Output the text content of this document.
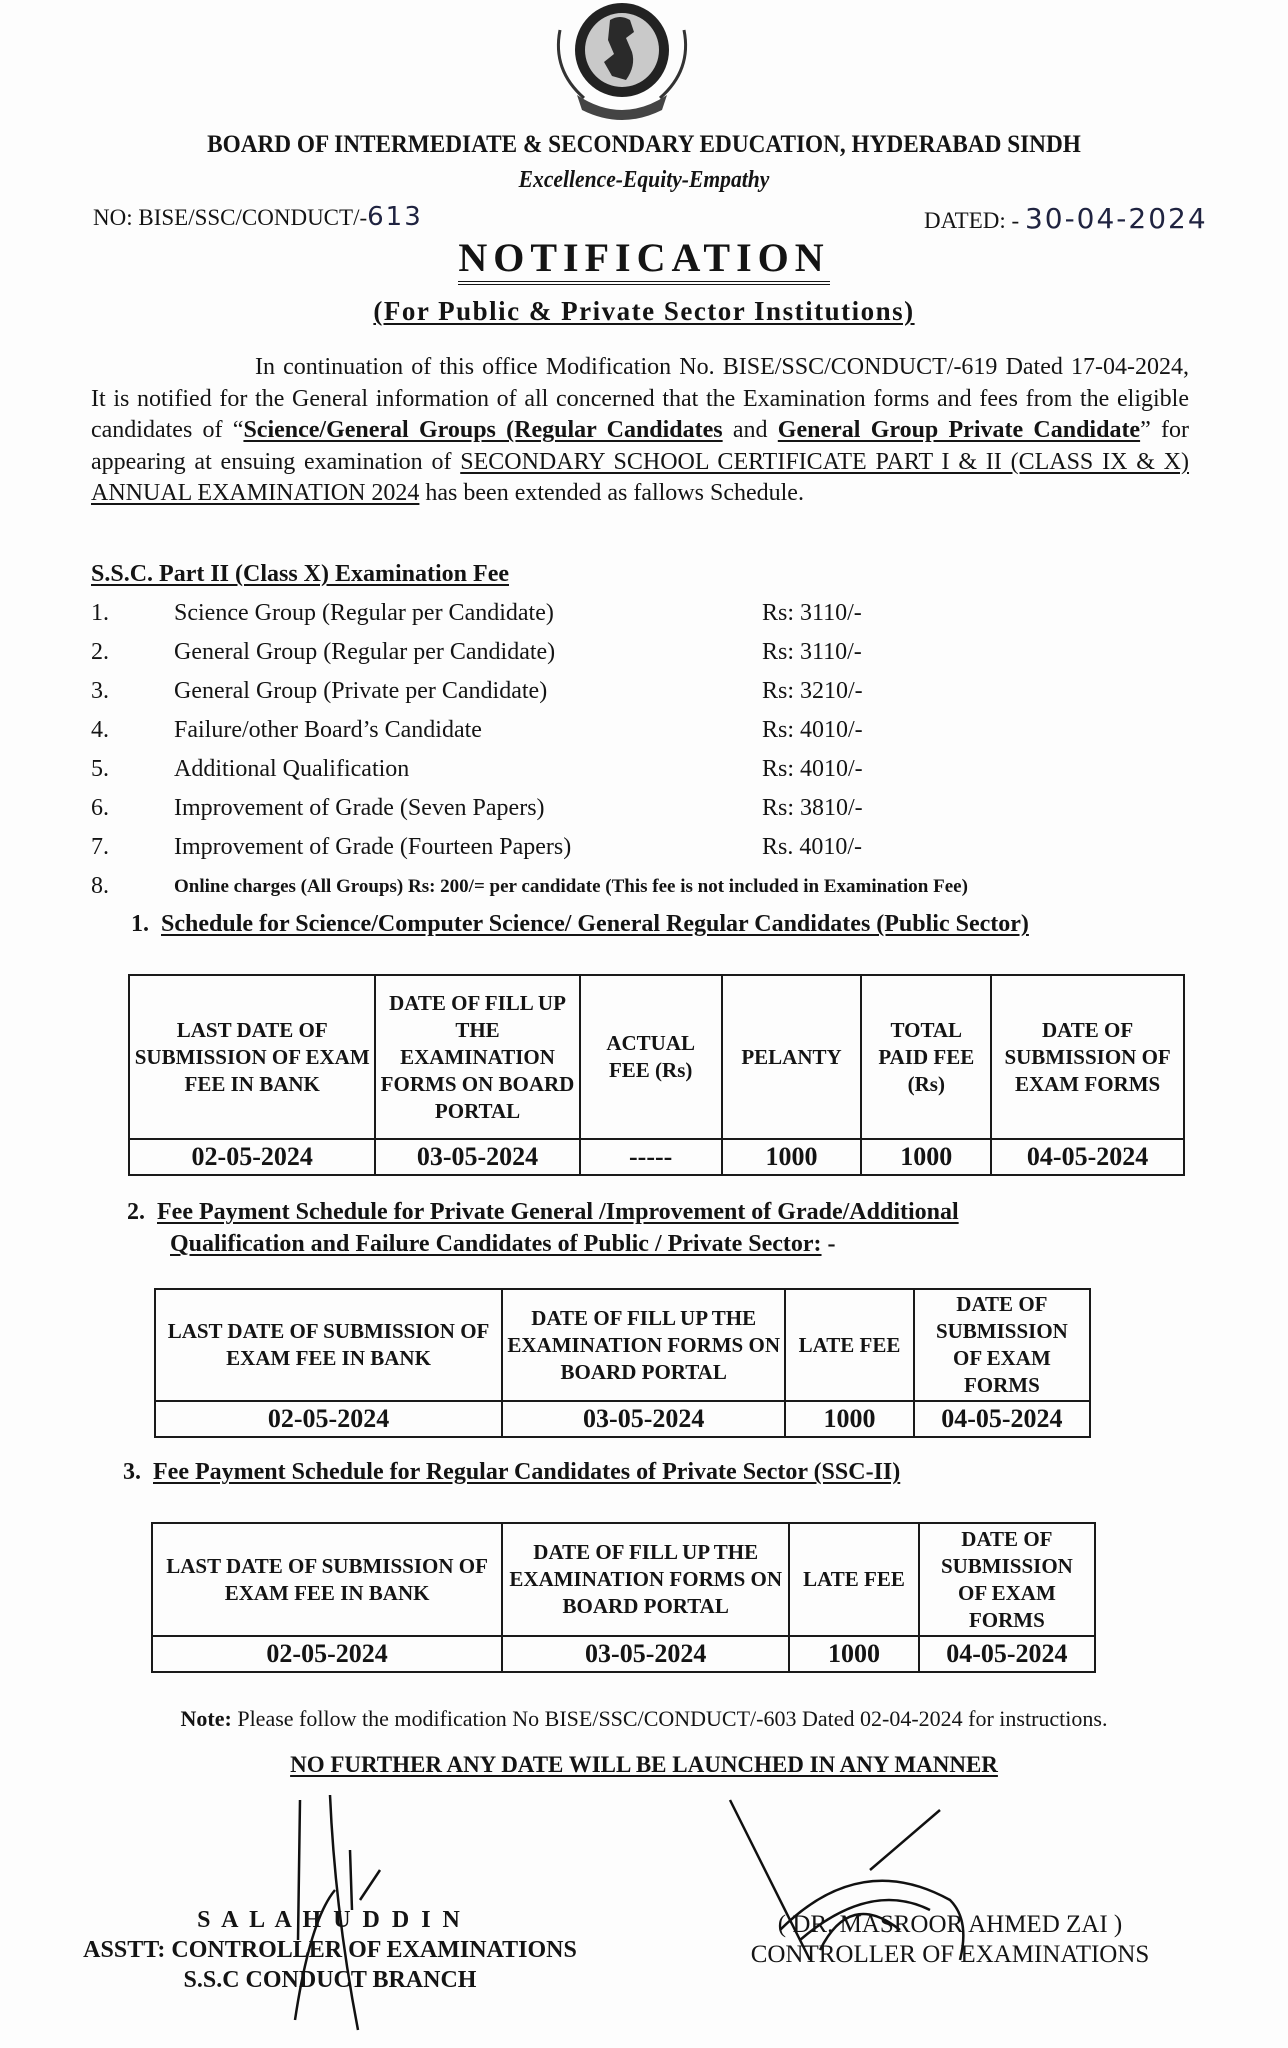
BOARD OF INTERMEDIATE & SECONDARY EDUCATION, HYDERABAD SINDH
Excellence-Equity-Empathy
NO: BISE/SSC/CONDUCT/-613	DATED: - 30-04-2024
NOTIFICATION
(For Public & Private Sector Institutions)
In continuation of this office Modification No. BISE/SSC/CONDUCT/-619 Dated 17-04-2024, It is notified for the General information of all concerned that the Examination forms and fees from the eligible candidates of “Science/General Groups (Regular Candidates and General Group Private Candidate” for appearing at ensuing examination of SECONDARY SCHOOL CERTIFICATE PART I & II (CLASS IX & X) ANNUAL EXAMINATION 2024 has been extended as fallows Schedule.
S.S.C. Part II (Class X) Examination Fee
1.	Science Group (Regular per Candidate)	Rs: 3110/-
2.	General Group (Regular per Candidate)	Rs: 3110/-
3.	General Group (Private per Candidate)	Rs: 3210/-
4.	Failure/other Board’s Candidate	Rs: 4010/-
5.	Additional Qualification	Rs: 4010/-
6.	Improvement of Grade (Seven Papers)	Rs: 3810/-
7.	Improvement of Grade (Fourteen Papers)	Rs. 4010/-
8.	Online charges (All Groups) Rs: 200/= per candidate (This fee is not included in Examination Fee)
1. Schedule for Science/Computer Science/ General Regular Candidates (Public Sector)
LAST DATE OF SUBMISSION OF EXAM FEE IN BANK	DATE OF FILL UP THE EXAMINATION FORMS ON BOARD PORTAL	ACTUAL FEE (Rs)	PELANTY	TOTAL PAID FEE (Rs)	DATE OF SUBMISSION OF EXAM FORMS
02-05-2024	03-05-2024	-----	1000	1000	04-05-2024
2. Fee Payment Schedule for Private General /Improvement of Grade/Additional
Qualification and Failure Candidates of Public / Private Sector: -
LAST DATE OF SUBMISSION OF EXAM FEE IN BANK	DATE OF FILL UP THE EXAMINATION FORMS ON BOARD PORTAL	LATE FEE	DATE OF SUBMISSION OF EXAM FORMS
02-05-2024	03-05-2024	1000	04-05-2024
3. Fee Payment Schedule for Regular Candidates of Private Sector (SSC-II)
LAST DATE OF SUBMISSION OF EXAM FEE IN BANK	DATE OF FILL UP THE EXAMINATION FORMS ON BOARD PORTAL	LATE FEE	DATE OF SUBMISSION OF EXAM FORMS
02-05-2024	03-05-2024	1000	04-05-2024
Note: Please follow the modification No BISE/SSC/CONDUCT/-603 Dated 02-04-2024 for instructions.
NO FURTHER ANY DATE WILL BE LAUNCHED IN ANY MANNER
S A L A H U D D I N
ASSTT: CONTROLLER OF EXAMINATIONS
S.S.C CONDUCT BRANCH
( DR. MASROOR AHMED ZAI )
CONTROLLER OF EXAMINATIONS
